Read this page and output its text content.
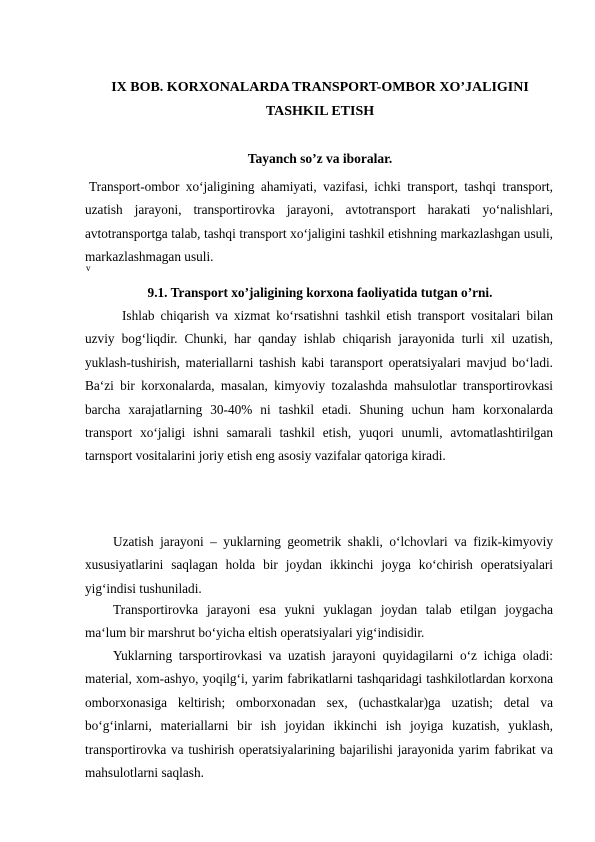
IX BOB. KORXONALARDA TRANSPORT-OMBOR XO’JALIGINI TASHKIL ETISH
Tayanch so’z va iboralar.
Transport-ombor xo‘jaligining ahamiyati, vazifasi, ichki transport, tashqi transport, uzatish jarayoni, transportirovka jarayoni, avtotransport harakati yo‘nalishlari, avtotransportga talab, tashqi transport xo‘jaligini tashkil etishning markazlashgan usuli, markazlashmagan usuli.
v
9.1. Transport xo’jaligining korxona faoliyatida tutgan o’rni.
Ishlab chiqarish va xizmat ko‘rsatishni tashkil etish transport vositalari bilan uzviy bog‘liqdir. Chunki, har qanday ishlab chiqarish jarayonida turli xil uzatish, yuklash-tushirish, materiallarni tashish kabi taransport operatsiyalari mavjud bo‘ladi. Ba‘zi bir korxonalarda, masalan, kimyoviy tozalashda mahsulotlar transportirovkasi barcha xarajatlarning 30-40% ni tashkil etadi. Shuning uchun ham korxonalarda transport xo‘jaligi ishni samarali tashkil etish, yuqori unumli, avtomatlashtirilgan tarnsport vositalarini joriy etish eng asosiy vazifalar qatoriga kiradi.
Uzatish jarayoni – yuklarning geometrik shakli, o‘lchovlari va fizik-kimyoviy xususiyatlarini saqlagan holda bir joydan ikkinchi joyga ko‘chirish operatsiyalari yig‘indisi tushuniladi.
Transportirovka jarayoni esa yukni yuklagan joydan talab etilgan joygacha ma‘lum bir marshrut bo‘yicha eltish operatsiyalari yig‘indisidir.
Yuklarning tarsportirovkasi va uzatish jarayoni quyidagilarni o‘z ichiga oladi: material, xom-ashyo, yoqilg‘i, yarim fabrikatlarni tashqaridagi tashkilotlardan korxona omborxonasiga keltirish; omborxonadan sex, (uchastkalar)ga uzatish; detal va bo‘g‘inlarni, materiallarni bir ish joyidan ikkinchi ish joyiga kuzatish, yuklash, transportirovka va tushirish operatsiyalarining bajarilishi jarayonida yarim fabrikat va mahsulotlarni saqlash.
